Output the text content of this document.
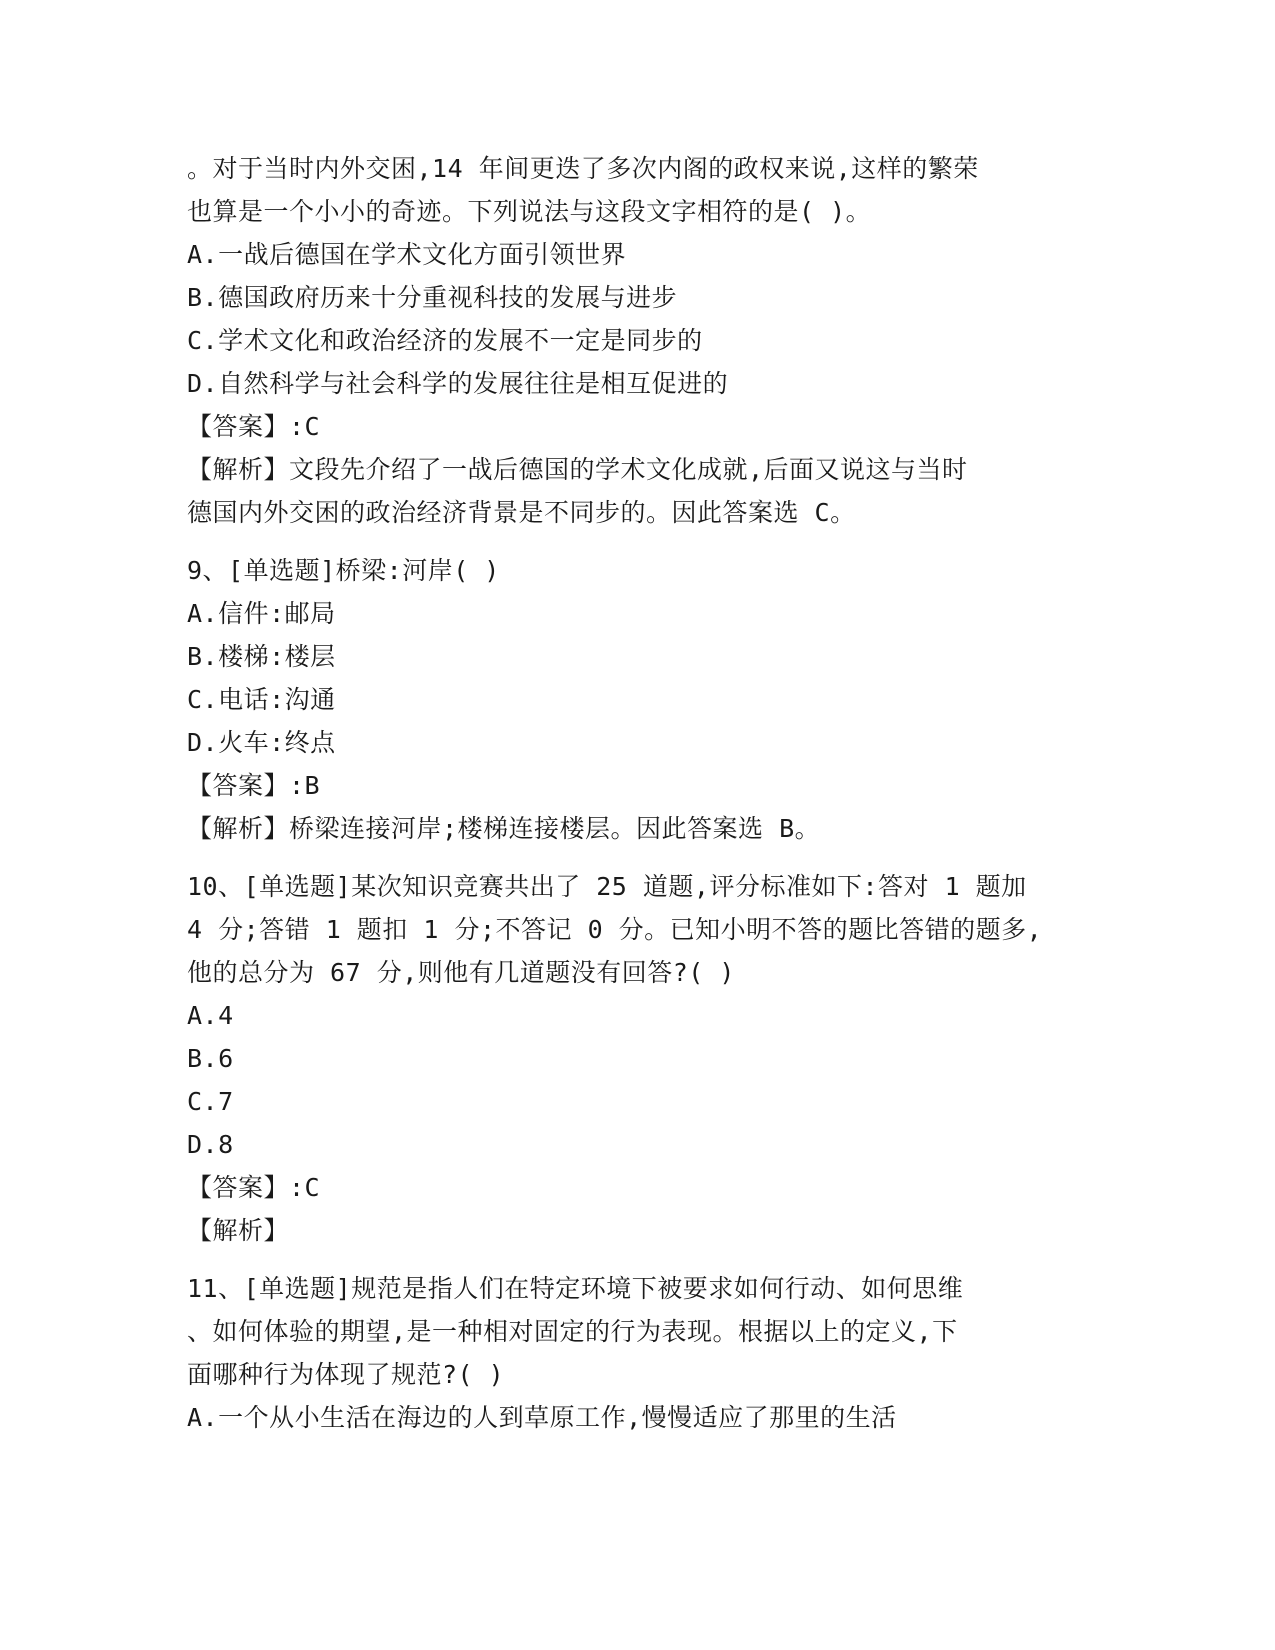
。对于当时内外交困,14 年间更迭了多次内阁的政权来说,这样的繁荣
也算是一个小小的奇迹。下列说法与这段文字相符的是( )。
A.一战后德国在学术文化方面引领世界
B.德国政府历来十分重视科技的发展与进步
C.学术文化和政治经济的发展不一定是同步的
D.自然科学与社会科学的发展往往是相互促进的
【答案】:C
【解析】文段先介绍了一战后德国的学术文化成就,后面又说这与当时
德国内外交困的政治经济背景是不同步的。因此答案选 C。
9、[单选题]桥梁:河岸( )
A.信件:邮局
B.楼梯:楼层
C.电话:沟通
D.火车:终点
【答案】:B
【解析】桥梁连接河岸;楼梯连接楼层。因此答案选 B。
10、[单选题]某次知识竞赛共出了 25 道题,评分标准如下:答对 1 题加
4 分;答错 1 题扣 1 分;不答记 0 分。已知小明不答的题比答错的题多,
他的总分为 67 分,则他有几道题没有回答?( )
A.4
B.6
C.7
D.8
【答案】:C
【解析】
11、[单选题]规范是指人们在特定环境下被要求如何行动、如何思维
、如何体验的期望,是一种相对固定的行为表现。根据以上的定义,下
面哪种行为体现了规范?( )
A.一个从小生活在海边的人到草原工作,慢慢适应了那里的生活
